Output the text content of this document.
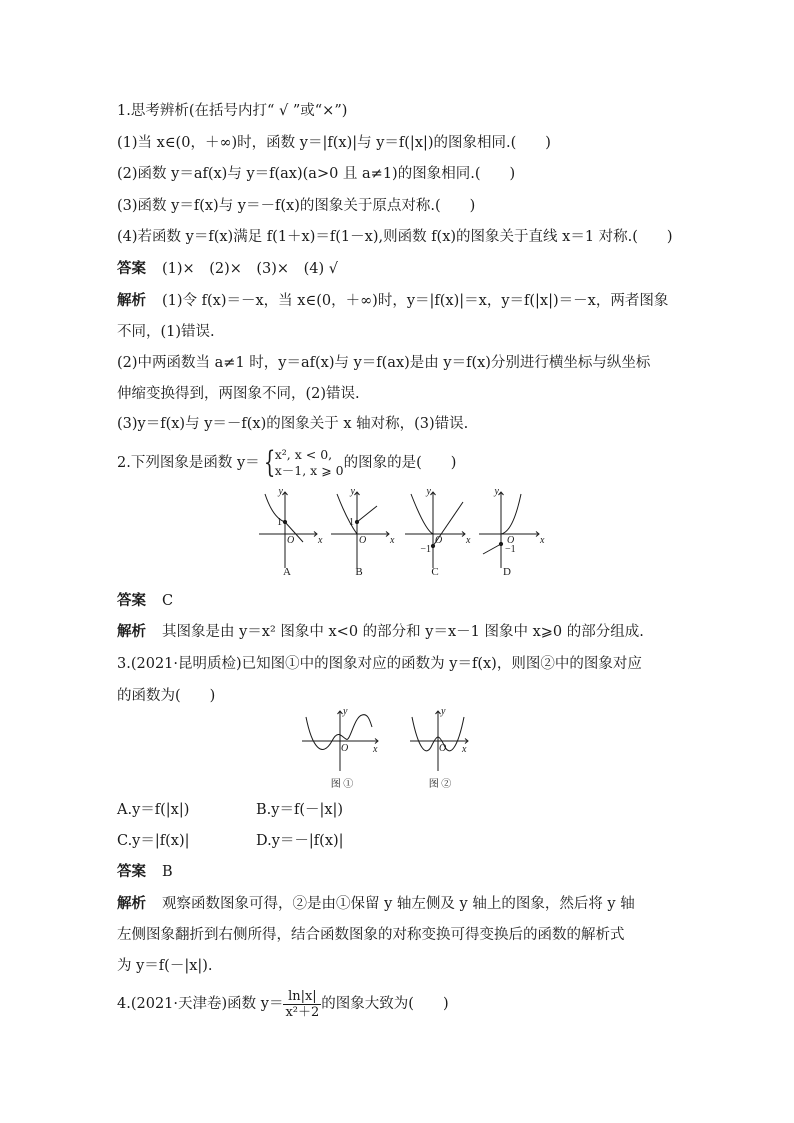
1.思考辨析(在括号内打“ √ ”或“×”)
(1)当 x∈(0，＋∞)时，函数 y＝|f(x)|与 y＝f(|x|)的图象相同.(　　)
(2)函数 y＝af(x)与 y＝f(ax)(a>0 且 a≠1)的图象相同.(　　)
(3)函数 y＝f(x)与 y＝－f(x)的图象关于原点对称.(　　)
(4)若函数 y＝f(x)满足 f(1＋x)＝f(1－x),则函数 f(x)的图象关于直线 x＝1 对称.(　　)
答案 (1)×　(2)×　(3)×　(4) √
解析 (1)令 f(x)＝－x，当 x∈(0，＋∞)时，y＝|f(x)|＝x，y＝f(|x|)＝－x，两者图象
不同，(1)错误.
(2)中两函数当 a≠1 时，y＝af(x)与 y＝f(ax)是由 y＝f(x)分别进行横坐标与纵坐标
伸缩变换得到，两图象不同，(2)错误.
(3)y＝f(x)与 y＝－f(x)的图象关于 x 轴对称，(3)错误.
2.下列图象是函数 y＝ { x², x < 0,
x－1, x ⩾ 0 的图象的是(　　)
y
x
O
y
x
O
y
x
O
y
x
O
1	1
−1	−1
A	B	C	D
答案 C
解析 其图象是由 y＝x² 图象中 x<0 的部分和 y＝x－1 图象中 x⩾0 的部分组成.
3.(2021·昆明质检)已知图①中的图象对应的函数为 y＝f(x)，则图②中的图象对应
的函数为(　　)
y
x
O
y
x
O
图 ①	图 ②
A.y＝f(|x|)	B.y＝f(－|x|)
C.y＝|f(x)|	D.y＝－|f(x)|
答案 B
解析 观察函数图象可得，②是由①保留 y 轴左侧及 y 轴上的图象，然后将 y 轴
左侧图象翻折到右侧所得，结合函数图象的对称变换可得变换后的函数的解析式
为 y＝f(－|x|).
4.(2021·天津卷)函数 $y= \frac{\ln|x|}{\text{x²＋2}}$ 的图象大致为(　　)
